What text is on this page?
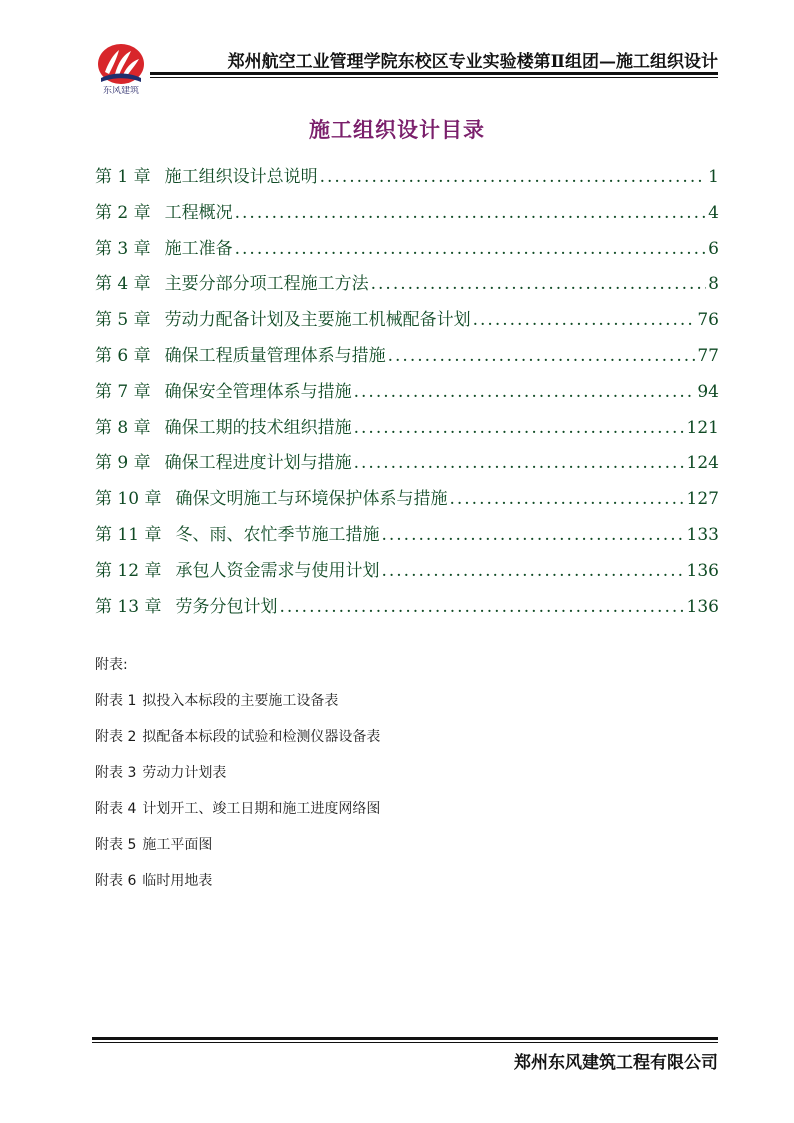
东风建筑
郑州航空工业管理学院东校区专业实验楼第Ⅱ组团—施工组织设计
施工组织设计目录
第 1 章 施工组织设计总说明 .....	1
第 2 章 工程概况 .....	4
第 3 章 施工准备 .....	6
第 4 章 主要分部分项工程施工方法 .....	8
第 5 章 劳动力配备计划及主要施工机械配备计划 .....	76
第 6 章 确保工程质量管理体系与措施 .....	77
第 7 章 确保安全管理体系与措施 .....	94
第 8 章 确保工期的技术组织措施 .....	121
第 9 章 确保工程进度计划与措施 .....	124
第 10 章 确保文明施工与环境保护体系与措施 .....	127
第 11 章 冬、雨、农忙季节施工措施 .....	133
第 12 章 承包人资金需求与使用计划 .....	136
第 13 章 劳务分包计划 .....	136
附表:
附表 1 拟投入本标段的主要施工设备表
附表 2 拟配备本标段的试验和检测仪器设备表
附表 3 劳动力计划表
附表 4 计划开工、竣工日期和施工进度网络图
附表 5 施工平面图
附表 6 临时用地表
郑州东风建筑工程有限公司
